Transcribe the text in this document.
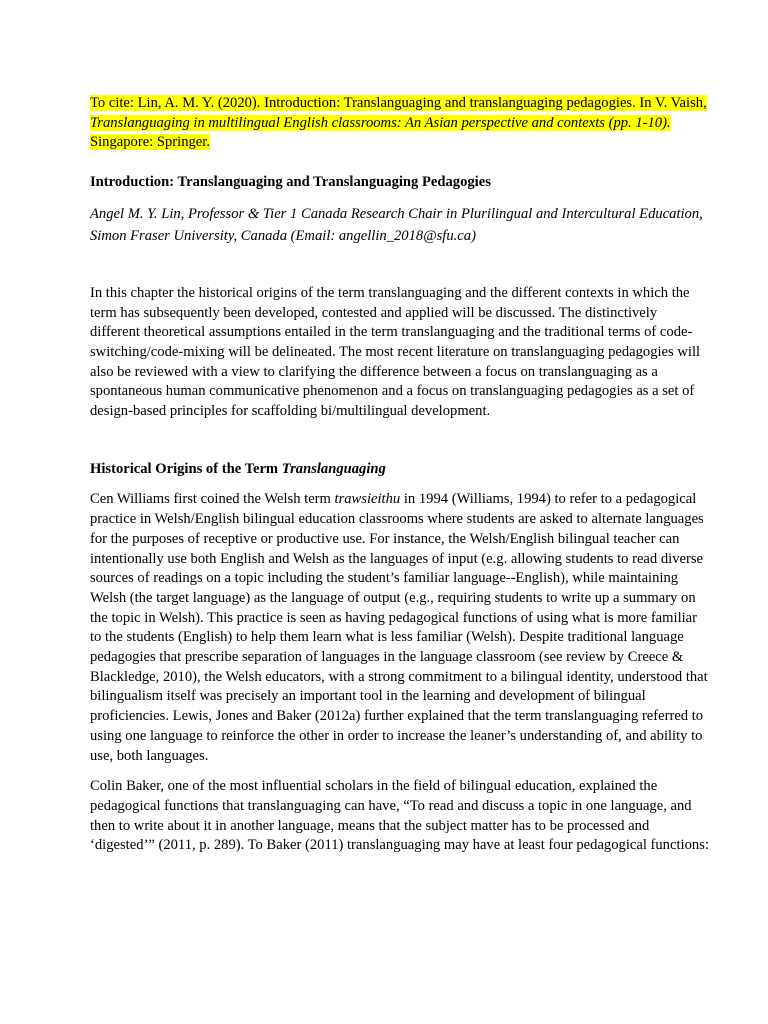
To cite: Lin, A. M. Y. (2020). Introduction: Translanguaging and translanguaging pedagogies. In V. Vaish, Translanguaging in multilingual English classrooms: An Asian perspective and contexts (pp. 1-10). Singapore: Springer.

Introduction: Translanguaging and Translanguaging Pedagogies

Angel M. Y. Lin, Professor & Tier 1 Canada Research Chair in Plurilingual and Intercultural Education, Simon Fraser University, Canada (Email: angellin_2018@sfu.ca)

In this chapter the historical origins of the term translanguaging and the different contexts in which the term has subsequently been developed, contested and applied will be discussed. The distinctively different theoretical assumptions entailed in the term translanguaging and the traditional terms of code-switching/code-mixing will be delineated. The most recent literature on translanguaging pedagogies will also be reviewed with a view to clarifying the difference between a focus on translanguaging as a spontaneous human communicative phenomenon and a focus on translanguaging pedagogies as a set of design-based principles for scaffolding bi/multilingual development.

Historical Origins of the Term Translanguaging

Cen Williams first coined the Welsh term trawsieithu in 1994 (Williams, 1994) to refer to a pedagogical practice in Welsh/English bilingual education classrooms where students are asked to alternate languages for the purposes of receptive or productive use. For instance, the Welsh/English bilingual teacher can intentionally use both English and Welsh as the languages of input (e.g. allowing students to read diverse sources of readings on a topic including the student’s familiar language--English), while maintaining Welsh (the target language) as the language of output (e.g., requiring students to write up a summary on the topic in Welsh). This practice is seen as having pedagogical functions of using what is more familiar to the students (English) to help them learn what is less familiar (Welsh). Despite traditional language pedagogies that prescribe separation of languages in the language classroom (see review by Creece & Blackledge, 2010), the Welsh educators, with a strong commitment to a bilingual identity, understood that bilingualism itself was precisely an important tool in the learning and development of bilingual proficiencies. Lewis, Jones and Baker (2012a) further explained that the term translanguaging referred to using one language to reinforce the other in order to increase the leaner’s understanding of, and ability to use, both languages.

Colin Baker, one of the most influential scholars in the field of bilingual education, explained the pedagogical functions that translanguaging can have, “To read and discuss a topic in one language, and then to write about it in another language, means that the subject matter has to be processed and ‘digested’” (2011, p. 289). To Baker (2011) translanguaging may have at least four pedagogical functions:
